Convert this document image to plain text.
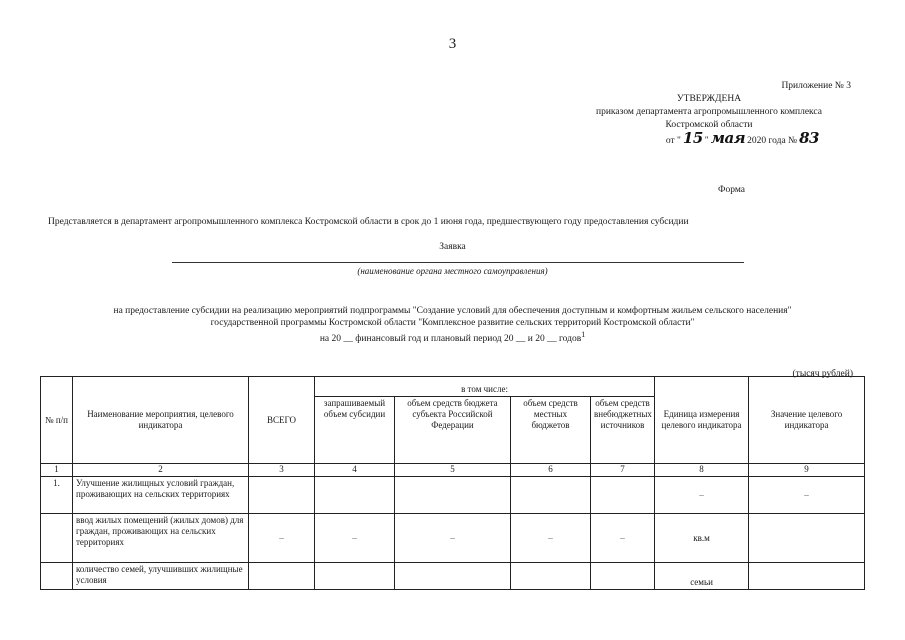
3
Приложение № 3
УТВЕРЖДЕНА
приказом департамента агропромышленного комплекса
Костромской области
от " 15 " мая 2020 года № 83
Форма
Представляется в департамент агропромышленного комплекса Костромской области в срок до 1 июня года, предшествующего году предоставления субсидии
Заявка
(наименование органа местного самоуправления)
на предоставление субсидии на реализацию мероприятий подпрограммы "Создание условий для обеспечения доступным и комфортным жильем сельского населения"
государственной программы Костромской области "Комплексное развитие сельских территорий Костромской области"
на 20 __ финансовый год и плановый период 20 __ и 20 __ годов$^1$
(тысяч рублей)
№ п/п	Наименование мероприятия, целевого индикатора	ВСЕГО	в том числе:				Единица измерения целевого индикатора	Значение целевого индикатора
			запрашиваемый объем субсидии	объем средств бюджета субъекта Российской Федерации	объем средств местных бюджетов	объем средств внебюджетных источников		
1	2	3	4	5	6	7	8	9
1.	Улучшение жилищных условий граждан, проживающих на сельских территориях						–	–
	ввод жилых помещений (жилых домов) для граждан, проживающих на сельских территориях	–	–	–	–	–	кв.м	
	количество семей, улучшивших жилищные условия						семьи	
